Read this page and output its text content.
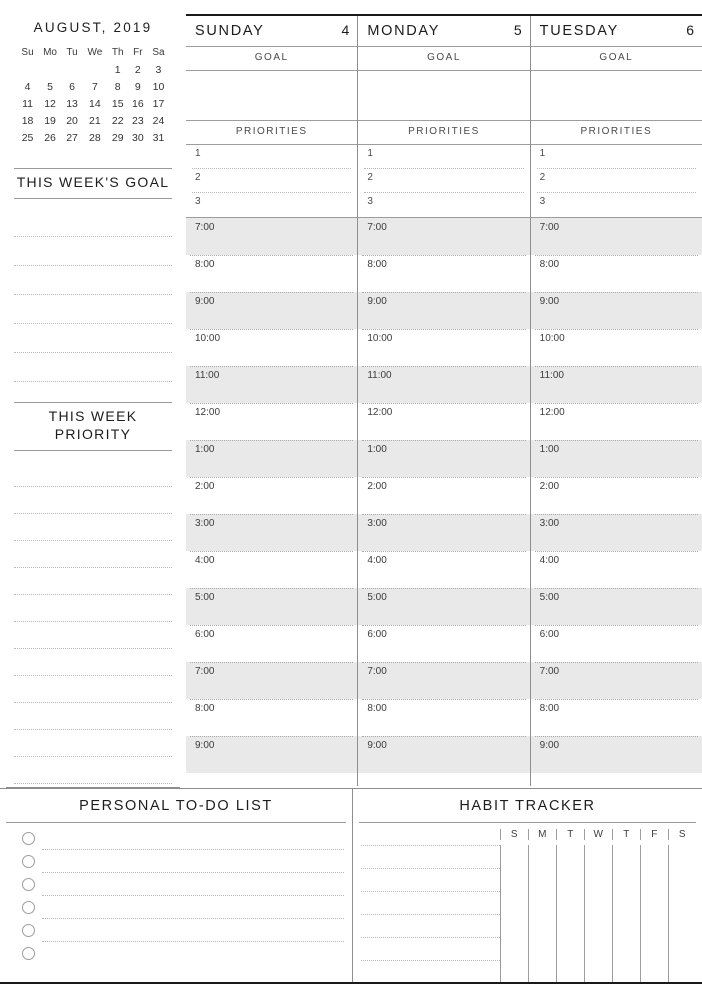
AUGUST, 2019
Su	Mo	Tu	We	Th	Fr	Sa
				1	2	3
4	5	6	7	8	9	10
11	12	13	14	15	16	17
18	19	20	21	22	23	24
25	26	27	28	29	30	31
THIS WEEK'S GOAL
THIS WEEK PRIORITY
SUNDAY	4
GOAL
PRIORITIES
1
2
3
7:00
8:00
9:00
10:00
11:00
12:00
1:00
2:00
3:00
4:00
5:00
6:00
7:00
8:00
9:00
MONDAY	5
GOAL
PRIORITIES
1
2
3
7:00
8:00
9:00
10:00
11:00
12:00
1:00
2:00
3:00
4:00
5:00
6:00
7:00
8:00
9:00
TUESDAY	6
GOAL
PRIORITIES
1
2
3
7:00
8:00
9:00
10:00
11:00
12:00
1:00
2:00
3:00
4:00
5:00
6:00
7:00
8:00
9:00
PERSONAL TO-DO LIST	HABIT TRACKER
S	M	T	W	T	F	S
